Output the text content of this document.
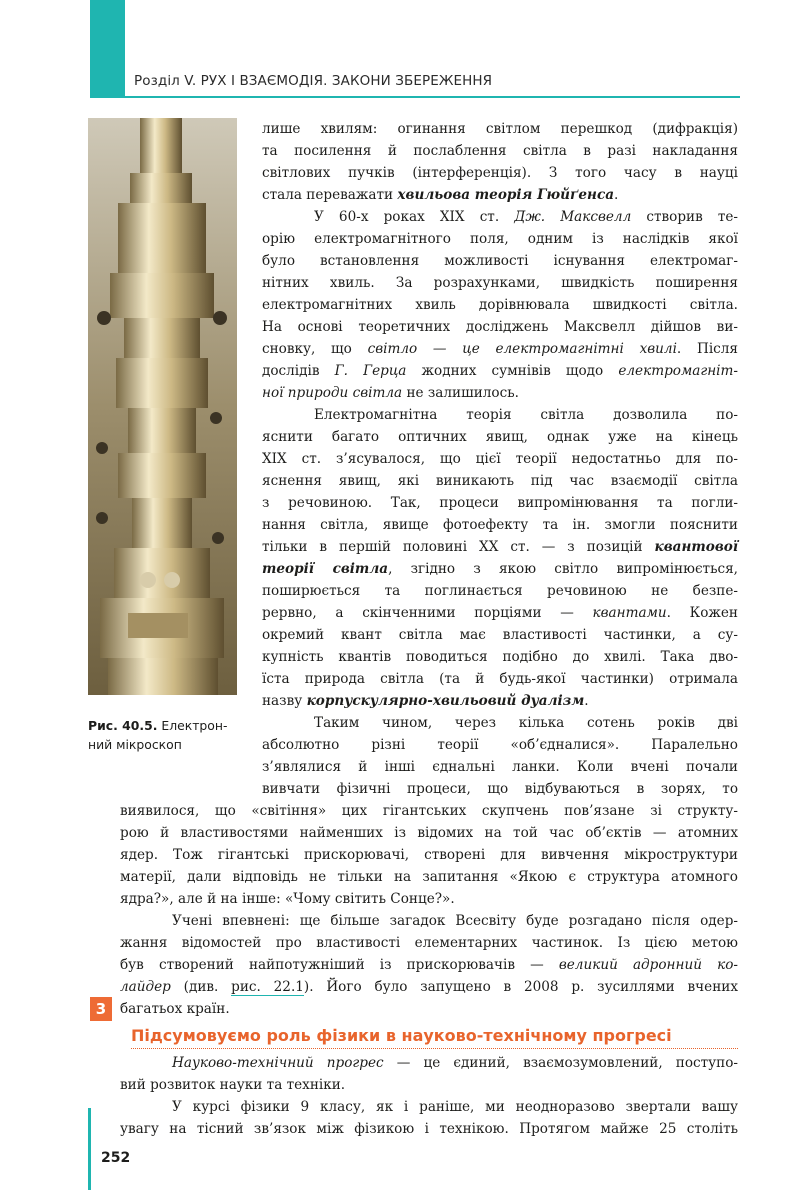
Розділ V. РУХ І ВЗАЄМОДІЯ. ЗАКОНИ ЗБЕРЕЖЕННЯ
Рис. 40.5. Електрон-
ний мікроскоп
лише хвилям: огинання світлом перешкод (дифракція)
та посилення й послаблення світла в разі накладання
світлових пучків (інтерференція). З того часу в науці
стала переважати хвильова теорія Гюйґенса.
У 60-х роках XIX ст. Дж. Максвелл створив те-
орію електромагнітного поля, одним із наслідків якої
було встановлення можливості існування електромаг-
нітних хвиль. За розрахунками, швидкість поширення
електромагнітних хвиль дорівнювала швидкості світла.
На основі теоретичних досліджень Максвелл дійшов ви-
сновку, що світло — це електромагнітні хвилі. Після
дослідів Г. Герца жодних сумнівів щодо електромагніт-
ної природи світла не залишилось.
Електромагнітна теорія світла дозволила по-
яснити багато оптичних явищ, однак уже на кінець
XIX ст. з’ясувалося, що цієї теорії недостатньо для по-
яснення явищ, які виникають під час взаємодії світла
з речовиною. Так, процеси випромінювання та погли-
нання світла, явище фотоефекту та ін. змогли пояснити
тільки в першій половині XX ст. — з позицій квантової
теорії світла, згідно з якою світло випромінюється,
поширюється та поглинається речовиною не безпе-
рервно, а скінченними порціями — квантами. Кожен
окремий квант світла має властивості частинки, а су-
купність квантів поводиться подібно до хвилі. Така дво-
їста природа світла (та й будь-якої частинки) отримала
назву корпускулярно-хвильовий дуалізм.
Таким чином, через кілька сотень років дві
абсолютно різні теорії «об’єдналися». Паралельно
з’являлися й інші єднальні ланки. Коли вчені почали
вивчати фізичні процеси, що відбуваються в зорях, то
виявилося, що «світіння» цих гігантських скупчень пов’язане зі структу-
рою й властивостями найменших із відомих на той час об’єктів — атомних
ядер. Тож гігантські прискорювачі, створені для вивчення мікроструктури
матерії, дали відповідь не тільки на запитання «Якою є структура атомного
ядра?», але й на інше: «Чому світить Сонце?».
Учені впевнені: ще більше загадок Всесвіту буде розгадано після одер-
жання відомостей про властивості елементарних частинок. Із цією метою
був створений найпотужніший із прискорювачів — великий адронний ко-
лайдер (див. рис. 22.1). Його було запущено в 2008 р. зусиллями вчених
багатьох країн.
3
Підсумовуємо роль фізики в науково-технічному прогресі
Науково-технічний прогрес — це єдиний, взаємозумовлений, поступо-
вий розвиток науки та техніки.
У курсі фізики 9 класу, як і раніше, ми неодноразово звертали вашу
увагу на тісний зв’язок між фізикою і технікою. Протягом майже 25 століть
252
